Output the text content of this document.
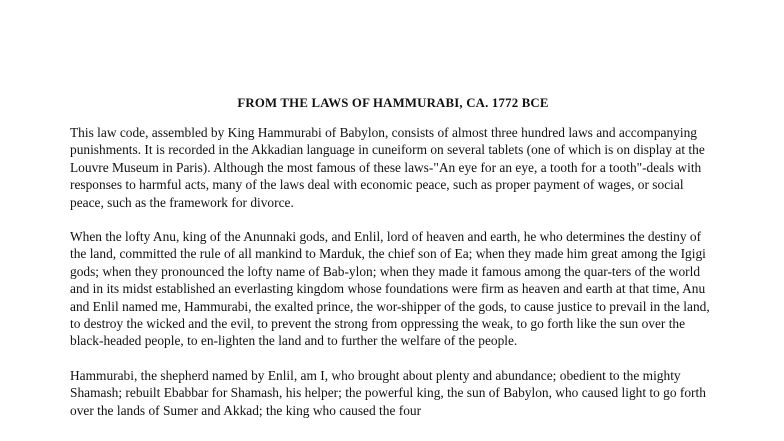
FROM THE LAWS OF HAMMURABI, CA. 1772 BCE

This law code, assembled by King Hammurabi of Babylon, consists of almost three hundred laws and accompanying punishments. It is recorded in the Akkadian language in cuneiform on several tablets (one of which is on display at the Louvre Museum in Paris). Although the most famous of these laws-"An eye for an eye, a tooth for a tooth"-deals with responses to harmful acts, many of the laws deal with economic peace, such as proper payment of wages, or social peace, such as the framework for divorce.

When the lofty Anu, king of the Anunnaki gods, and Enlil, lord of heaven and earth, he who determines the destiny of the land, committed the rule of all mankind to Marduk, the chief son of Ea; when they made him great among the Igigi gods; when they pronounced the lofty name of Bab-ylon; when they made it famous among the quar-ters of the world and in its midst established an everlasting kingdom whose foundations were firm as heaven and earth at that time, Anu and Enlil named me, Hammurabi, the exalted prince, the wor-shipper of the gods, to cause justice to prevail in the land, to destroy the wicked and the evil, to prevent the strong from oppressing the weak, to go forth like the sun over the black-headed people, to en-lighten the land and to further the welfare of the people.

Hammurabi, the shepherd named by Enlil, am I, who brought about plenty and abundance; obedient to the mighty Shamash; rebuilt Ebabbar for Shamash, his helper; the powerful king, the sun of Babylon, who caused light to go forth over the lands of Sumer and Akkad; the king who caused the four
